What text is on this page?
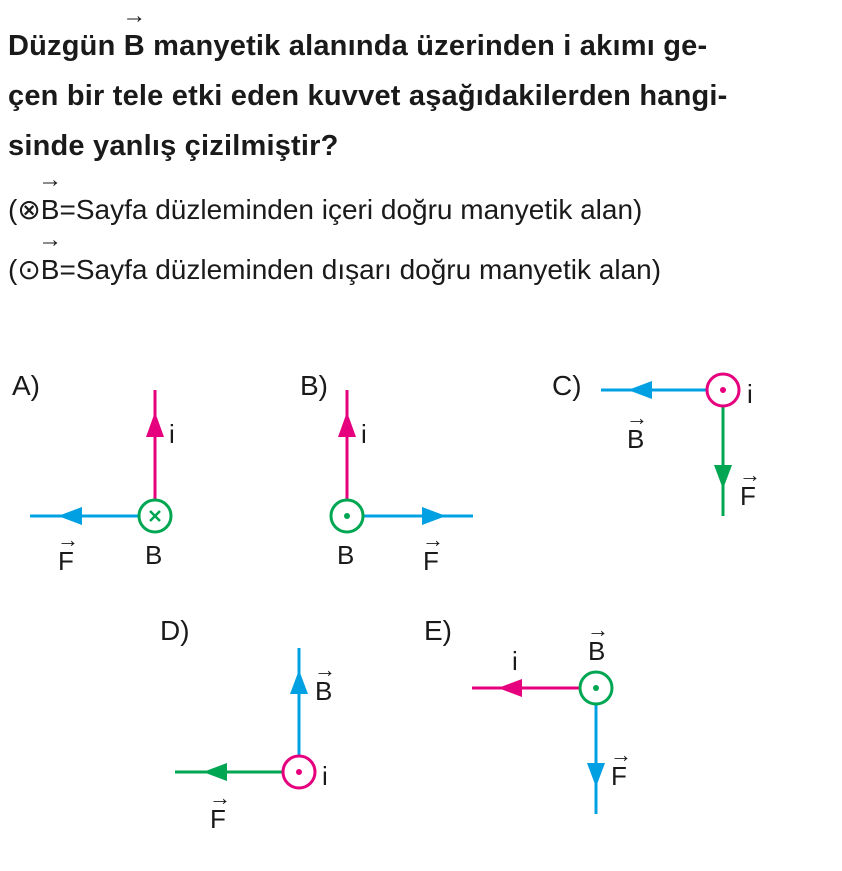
Düzgün
→
B manyetik alanında üzerinden i akımı ge-
çen bir tele etki eden kuvvet aşağıdakilerden hangi-
sinde yanlış çizilmiştir?
(⊗
→
B=Sayfa düzleminden içeri doğru manyetik alan)
(⊙
→
B=Sayfa düzleminden dışarı doğru manyetik alan)
A)
i
B
F
→
B)
i
B	F
→
C)
B
→
F
→
i
D)
B
→
F
→
i
E)
i
F
→
B
→
